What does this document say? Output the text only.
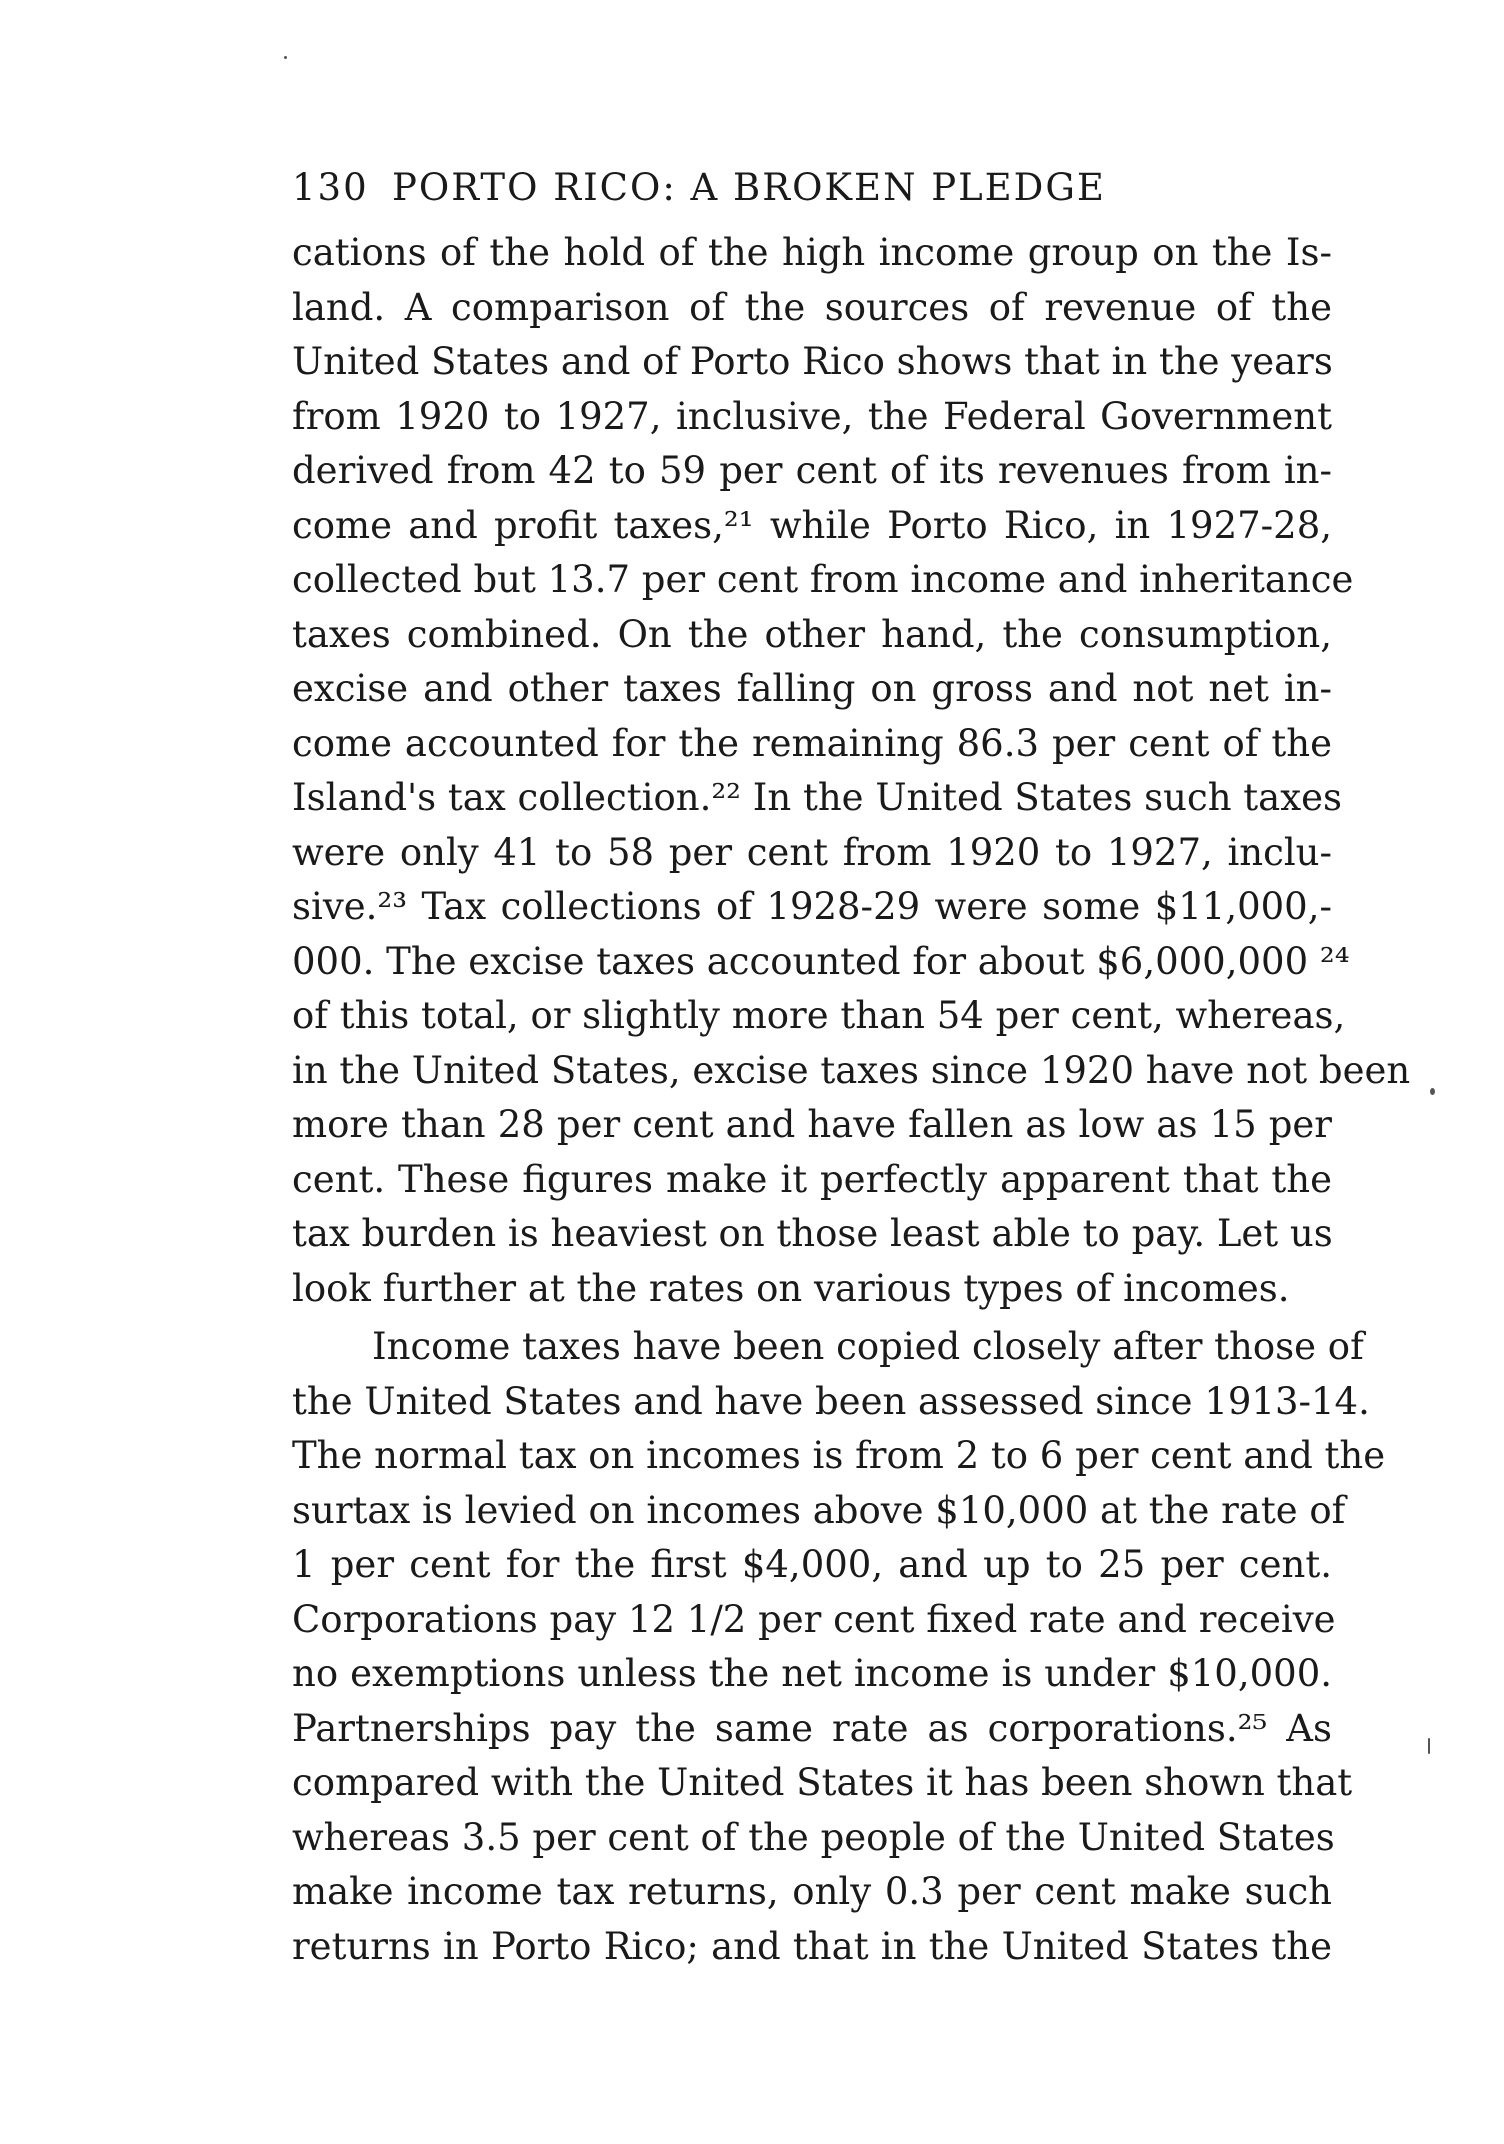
130 PORTO RICO: A BROKEN PLEDGE
cations of the hold of the high income group on the Is-
land. A comparison of the sources of revenue of the
United States and of Porto Rico shows that in the years
from 1920 to 1927, inclusive, the Federal Government
derived from 42 to 59 per cent of its revenues from in-
come and profit taxes,²¹ while Porto Rico, in 1927-28,
collected but 13.7 per cent from income and inheritance
taxes combined. On the other hand, the consumption,
excise and other taxes falling on gross and not net in-
come accounted for the remaining 86.3 per cent of the
Island's tax collection.²² In the United States such taxes
were only 41 to 58 per cent from 1920 to 1927, inclu-
sive.²³ Tax collections of 1928-29 were some $11,000,-
000. The excise taxes accounted for about $6,000,000 ²⁴
of this total, or slightly more than 54 per cent, whereas,
in the United States, excise taxes since 1920 have not been
more than 28 per cent and have fallen as low as 15 per
cent. These figures make it perfectly apparent that the
tax burden is heaviest on those least able to pay. Let us
look further at the rates on various types of incomes.
Income taxes have been copied closely after those of
the United States and have been assessed since 1913-14.
The normal tax on incomes is from 2 to 6 per cent and the
surtax is levied on incomes above $10,000 at the rate of
1 per cent for the first $4,000, and up to 25 per cent.
Corporations pay 12 1/2 per cent fixed rate and receive
no exemptions unless the net income is under $10,000.
Partnerships pay the same rate as corporations.²⁵ As
compared with the United States it has been shown that
whereas 3.5 per cent of the people of the United States
make income tax returns, only 0.3 per cent make such
returns in Porto Rico; and that in the United States the
